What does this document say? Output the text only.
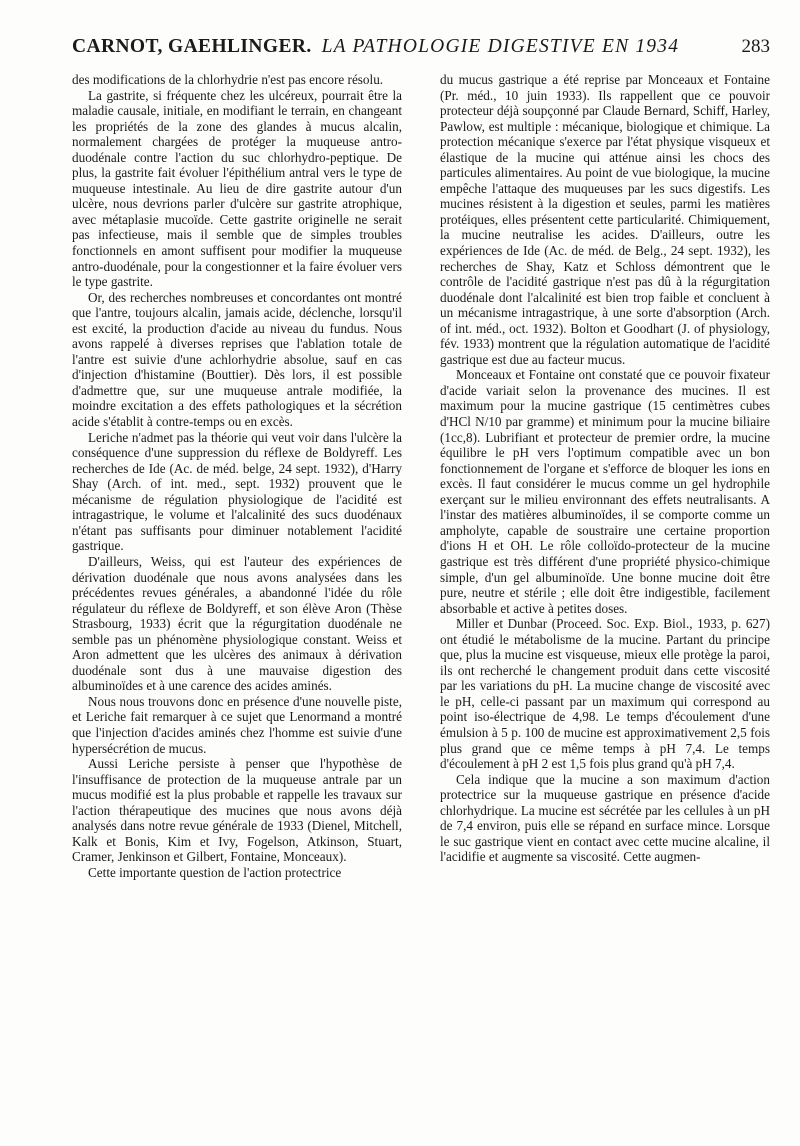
CARNOT, GAEHLINGER. LA PATHOLOGIE DIGESTIVE EN 1934	283

des modifications de la chlorhydrie n'est pas encore résolu.

La gastrite, si fréquente chez les ulcéreux, pourrait être la maladie causale, initiale, en modifiant le terrain, en changeant les propriétés de la zone des glandes à mucus alcalin, normalement chargées de protéger la muqueuse antro-duodénale contre l'action du suc chlorhydro-peptique. De plus, la gastrite fait évoluer l'épithélium antral vers le type de muqueuse intestinale. Au lieu de dire gastrite autour d'un ulcère, nous devrions parler d'ulcère sur gastrite atrophique, avec métaplasie mucoïde. Cette gastrite originelle ne serait pas infectieuse, mais il semble que de simples troubles fonctionnels en amont suffisent pour modifier la muqueuse antro-duodénale, pour la congestionner et la faire évoluer vers le type gastrite.

Or, des recherches nombreuses et concordantes ont montré que l'antre, toujours alcalin, jamais acide, déclenche, lorsqu'il est excité, la production d'acide au niveau du fundus. Nous avons rappelé à diverses reprises que l'ablation totale de l'antre est suivie d'une achlorhydrie absolue, sauf en cas d'injection d'histamine (Bouttier). Dès lors, il est possible d'admettre que, sur une muqueuse antrale modifiée, la moindre excitation a des effets pathologiques et la sécrétion acide s'établit à contre-temps ou en excès.

Leriche n'admet pas la théorie qui veut voir dans l'ulcère la conséquence d'une suppression du réflexe de Boldyreff. Les recherches de Ide (Ac. de méd. belge, 24 sept. 1932), d'Harry Shay (Arch. of int. med., sept. 1932) prouvent que le mécanisme de régulation physiologique de l'acidité est intragastrique, le volume et l'alcalinité des sucs duodénaux n'étant pas suffisants pour diminuer notablement l'acidité gastrique.

D'ailleurs, Weiss, qui est l'auteur des expériences de dérivation duodénale que nous avons analysées dans les précédentes revues générales, a abandonné l'idée du rôle régulateur du réflexe de Boldyreff, et son élève Aron (Thèse Strasbourg, 1933) écrit que la régurgitation duodénale ne semble pas un phénomène physiologique constant. Weiss et Aron admettent que les ulcères des animaux à dérivation duodénale sont dus à une mauvaise digestion des albuminoïdes et à une carence des acides aminés.

Nous nous trouvons donc en présence d'une nouvelle piste, et Leriche fait remarquer à ce sujet que Lenormand a montré que l'injection d'acides aminés chez l'homme est suivie d'une hypersécrétion de mucus.

Aussi Leriche persiste à penser que l'hypothèse de l'insuffisance de protection de la muqueuse antrale par un mucus modifié est la plus probable et rappelle les travaux sur l'action thérapeutique des mucines que nous avons déjà analysés dans notre revue générale de 1933 (Dienel, Mitchell, Kalk et Bonis, Kim et Ivy, Fogelson, Atkinson, Stuart, Cramer, Jenkinson et Gilbert, Fontaine, Monceaux).

Cette importante question de l'action protectrice

du mucus gastrique a été reprise par Monceaux et Fontaine (Pr. méd., 10 juin 1933). Ils rappellent que ce pouvoir protecteur déjà soupçonné par Claude Bernard, Schiff, Harley, Pawlow, est multiple : mécanique, biologique et chimique. La protection mécanique s'exerce par l'état physique visqueux et élastique de la mucine qui atténue ainsi les chocs des particules alimentaires. Au point de vue biologique, la mucine empêche l'attaque des muqueuses par les sucs digestifs. Les mucines résistent à la digestion et seules, parmi les matières protéiques, elles présentent cette particularité. Chimiquement, la mucine neutralise les acides. D'ailleurs, outre les expériences de Ide (Ac. de méd. de Belg., 24 sept. 1932), les recherches de Shay, Katz et Schloss démontrent que le contrôle de l'acidité gastrique n'est pas dû à la régurgitation duodénale dont l'alcalinité est bien trop faible et concluent à un mécanisme intragastrique, à une sorte d'absorption (Arch. of int. méd., oct. 1932). Bolton et Goodhart (J. of physiology, fév. 1933) montrent que la régulation automatique de l'acidité gastrique est due au facteur mucus.

Monceaux et Fontaine ont constaté que ce pouvoir fixateur d'acide variait selon la provenance des mucines. Il est maximum pour la mucine gastrique (15 centimètres cubes d'HCl N/10 par gramme) et minimum pour la mucine biliaire (1cc,8). Lubrifiant et protecteur de premier ordre, la mucine équilibre le pH vers l'optimum compatible avec un bon fonctionnement de l'organe et s'efforce de bloquer les ions en excès. Il faut considérer le mucus comme un gel hydrophile exerçant sur le milieu environnant des effets neutralisants. A l'instar des matières albuminoïdes, il se comporte comme un ampholyte, capable de soustraire une certaine proportion d'ions H et OH. Le rôle colloïdo-protecteur de la mucine gastrique est très différent d'une propriété physico-chimique simple, d'un gel albuminoïde. Une bonne mucine doit être pure, neutre et stérile ; elle doit être indigestible, facilement absorbable et active à petites doses.

Miller et Dunbar (Proceed. Soc. Exp. Biol., 1933, p. 627) ont étudié le métabolisme de la mucine. Partant du principe que, plus la mucine est visqueuse, mieux elle protège la paroi, ils ont recherché le changement produit dans cette viscosité par les variations du pH. La mucine change de viscosité avec le pH, celle-ci passant par un maximum qui correspond au point iso-électrique de 4,98. Le temps d'écoulement d'une émulsion à 5 p. 100 de mucine est approximativement 2,5 fois plus grand que ce même temps à pH 7,4. Le temps d'écoulement à pH 2 est 1,5 fois plus grand qu'à pH 7,4.

Cela indique que la mucine a son maximum d'action protectrice sur la muqueuse gastrique en présence d'acide chlorhydrique. La mucine est sécrétée par les cellules à un pH de 7,4 environ, puis elle se répand en surface mince. Lorsque le suc gastrique vient en contact avec cette mucine alcaline, il l'acidifie et augmente sa viscosité. Cette augmen-
